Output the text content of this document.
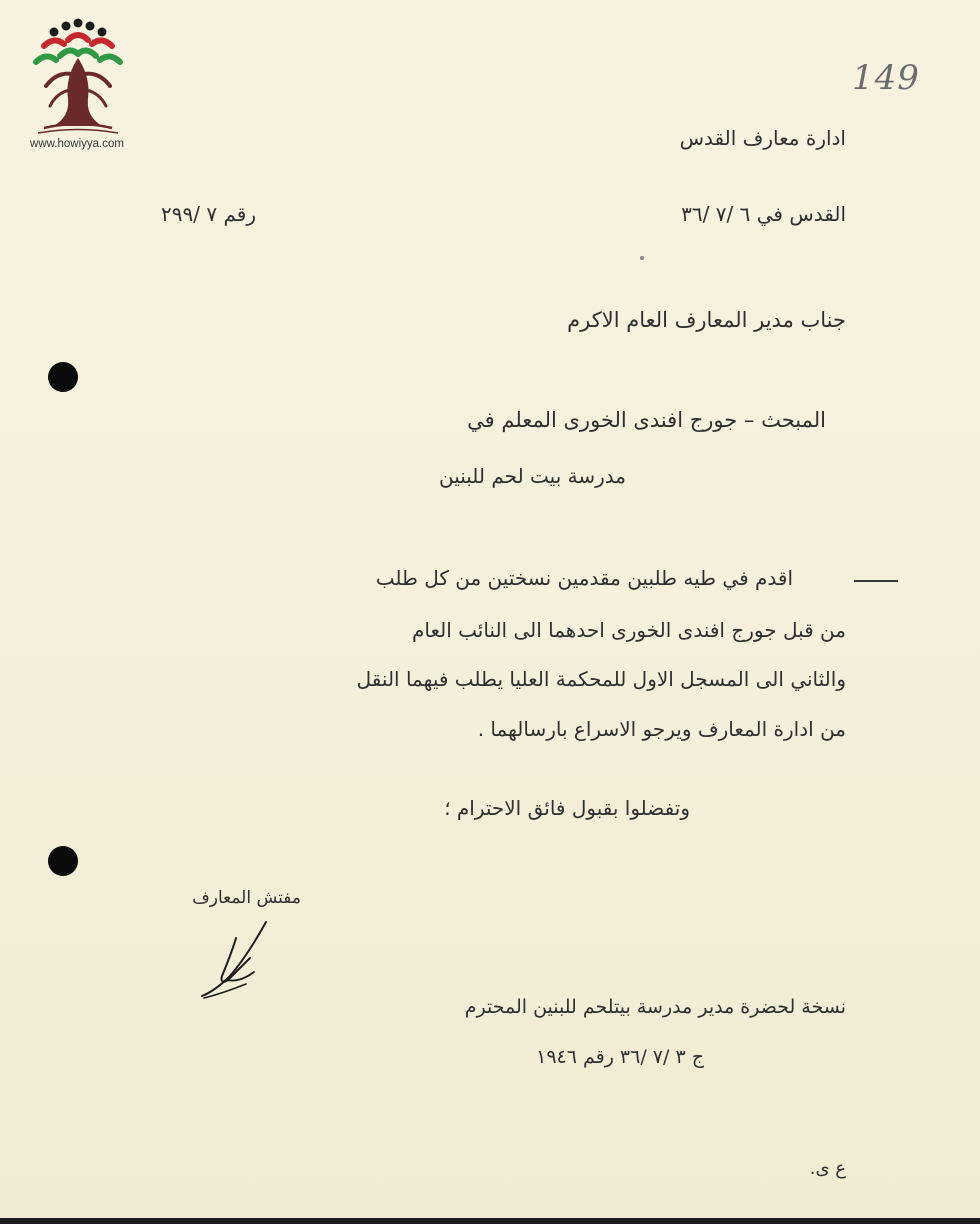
www.howiyya.com
149
ادارة معارف القدس
القدس في ٦ /٧ /٣٦
رقم ٧ /٢٩٩
جناب مدير المعارف العام الاكرم
المبحث – جورج افندى الخورى المعلم في
مدرسة بيت لحم للبنين
اقدم في طيه طلبين مقدمين نسختين من كل طلب
من قبل جورج افندى الخورى احدهما الى النائب العام
والثاني الى المسجل الاول للمحكمة العليا يطلب فيهما النقل
من ادارة المعارف ويرجو الاسراع بارسالهما .
وتفضلوا بقبول فائق الاحترام ؛
مفتش المعارف
نسخة لحضرة مدير مدرسة بيتلحم للبنين المحترم
ج ٣ /٧ /٣٦ رقم ١٩٤٦
ع ى.
